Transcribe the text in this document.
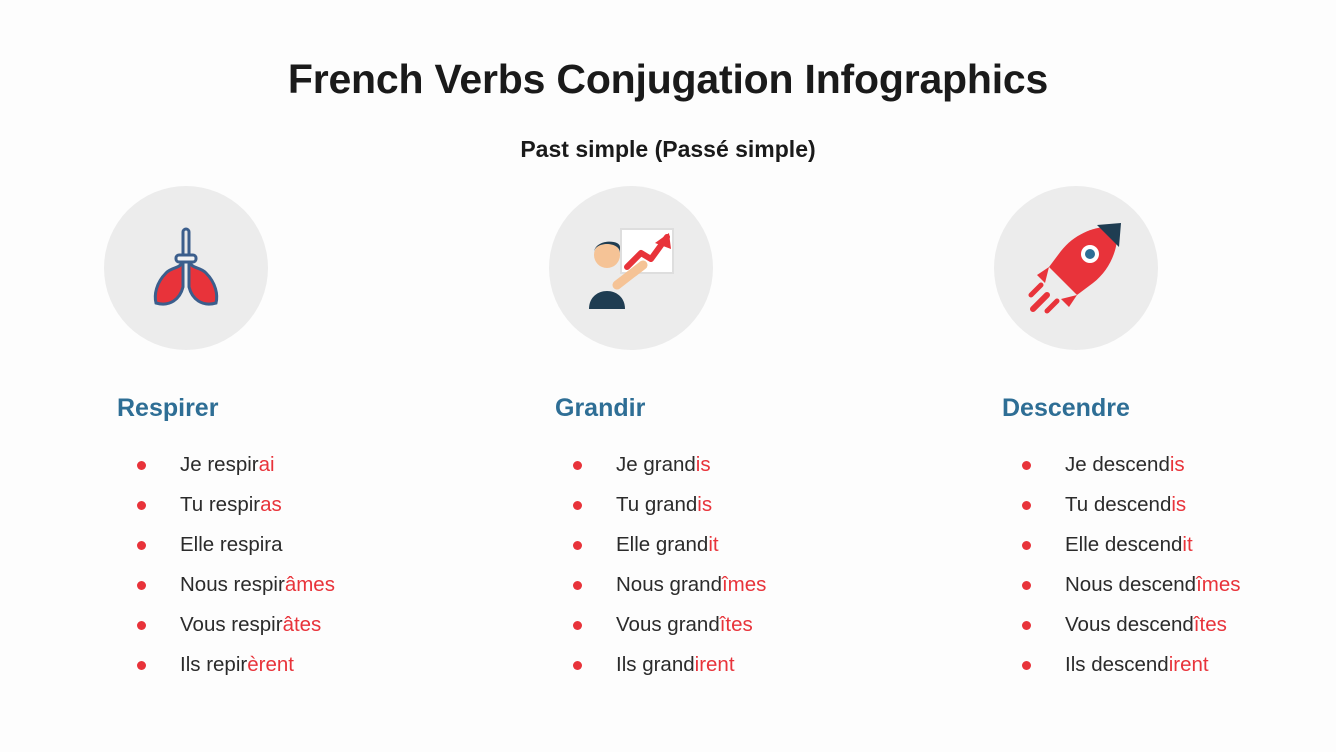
French Verbs Conjugation Infographics
Past simple (Passé simple)
Respirer
Je respirai
Tu respiras
Elle respira
Nous respirâmes
Vous respirâtes
Ils repirèrent
Grandir
Je grandis
Tu grandis
Elle grandit
Nous grandîmes
Vous grandîtes
Ils grandirent
Descendre
Je descendis
Tu descendis
Elle descendit
Nous descendîmes
Vous descendîtes
Ils descendirent
